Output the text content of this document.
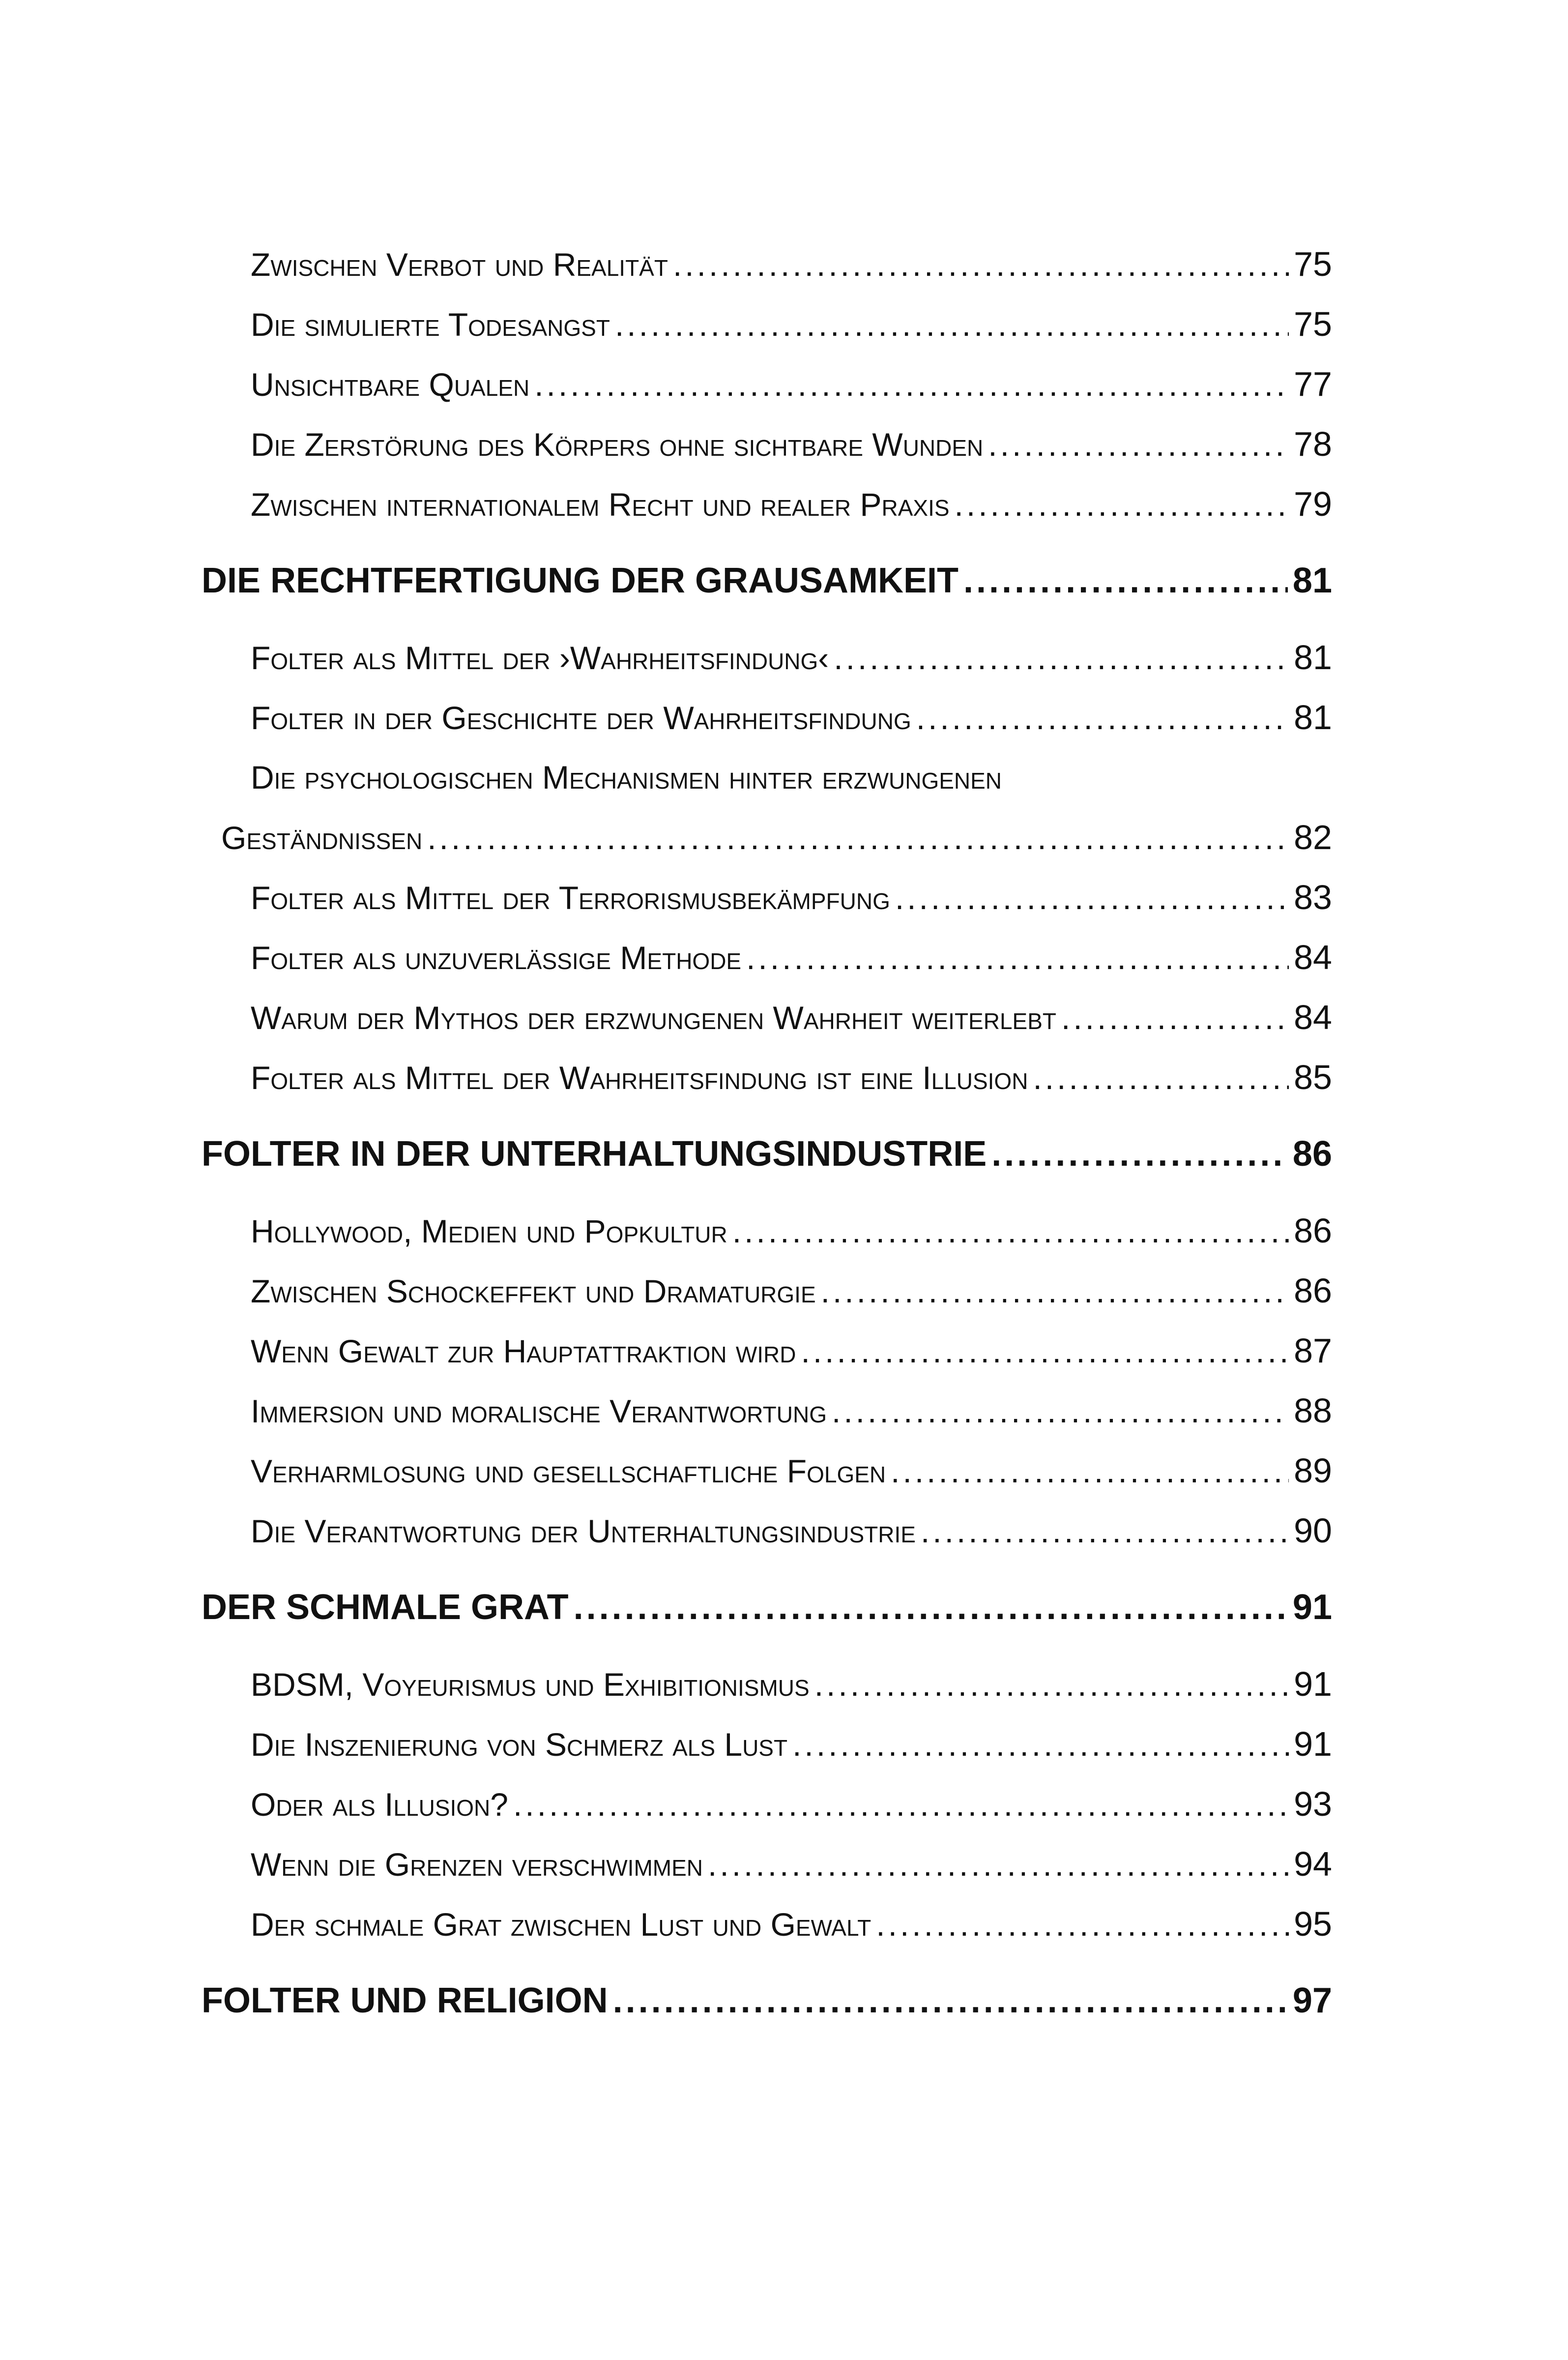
Zwischen Verbot und Realität .....	75
Die simulierte Todesangst .....	75
Unsichtbare Qualen .....	77
Die Zerstörung des Körpers ohne sichtbare Wunden .....	78
Zwischen internationalem Recht und realer Praxis .....	79
DIE RECHTFERTIGUNG DER GRAUSAMKEIT .....	81
Folter als Mittel der ›Wahrheitsfindung‹ .....	81
Folter in der Geschichte der Wahrheitsfindung .....	81
Die psychologischen Mechanismen hinter erzwungenen
Geständnissen .....	82
Folter als Mittel der Terrorismusbekämpfung .....	83
Folter als unzuverlässige Methode .....	84
Warum der Mythos der erzwungenen Wahrheit weiterlebt .....	84
Folter als Mittel der Wahrheitsfindung ist eine Illusion .....	85
FOLTER IN DER UNTERHALTUNGSINDUSTRIE .....	86
Hollywood, Medien und Popkultur .....	86
Zwischen Schockeffekt und Dramaturgie .....	86
Wenn Gewalt zur Hauptattraktion wird .....	87
Immersion und moralische Verantwortung .....	88
Verharmlosung und gesellschaftliche Folgen .....	89
Die Verantwortung der Unterhaltungsindustrie .....	90
DER SCHMALE GRAT .....	91
BDSM, Voyeurismus und Exhibitionismus .....	91
Die Inszenierung von Schmerz als Lust .....	91
Oder als Illusion? .....	93
Wenn die Grenzen verschwimmen .....	94
Der schmale Grat zwischen Lust und Gewalt .....	95
FOLTER UND RELIGION .....	97
